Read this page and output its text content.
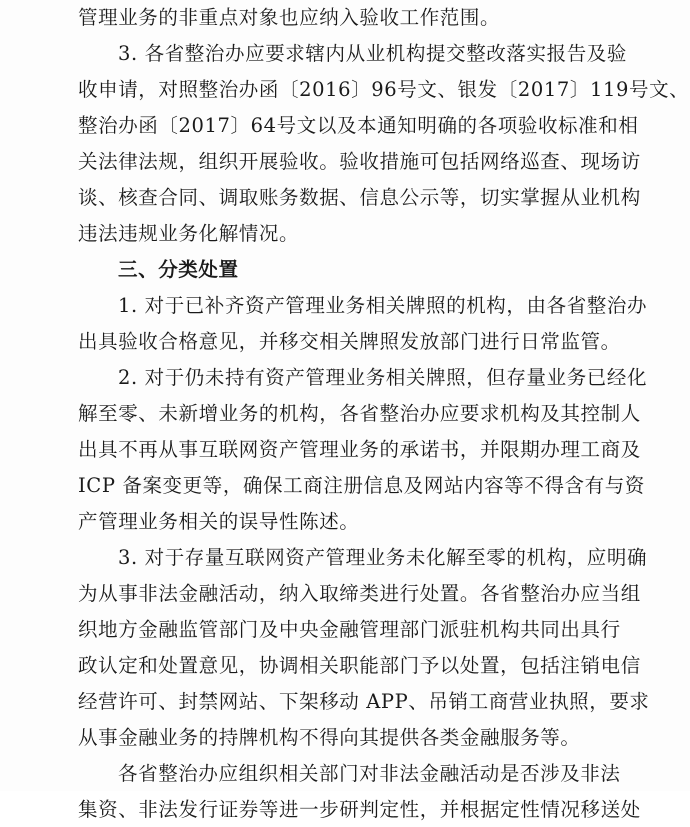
管理业务的非重点对象也应纳入验收工作范围。
3. 各省整治办应要求辖内从业机构提交整改落实报告及验
收申请，对照整治办函〔2016〕96号文、银发〔2017〕119号文、
整治办函〔2017〕64号文以及本通知明确的各项验收标准和相
关法律法规，组织开展验收。验收措施可包括网络巡查、现场访
谈、核查合同、调取账务数据、信息公示等，切实掌握从业机构
违法违规业务化解情况。
三、分类处置
1. 对于已补齐资产管理业务相关牌照的机构，由各省整治办
出具验收合格意见，并移交相关牌照发放部门进行日常监管。
2. 对于仍未持有资产管理业务相关牌照，但存量业务已经化
解至零、未新增业务的机构，各省整治办应要求机构及其控制人
出具不再从事互联网资产管理业务的承诺书，并限期办理工商及
ICP 备案变更等，确保工商注册信息及网站内容等不得含有与资
产管理业务相关的误导性陈述。
3. 对于存量互联网资产管理业务未化解至零的机构，应明确
为从事非法金融活动，纳入取缔类进行处置。各省整治办应当组
织地方金融监管部门及中央金融管理部门派驻机构共同出具行
政认定和处置意见，协调相关职能部门予以处置，包括注销电信
经营许可、封禁网站、下架移动 APP、吊销工商营业执照，要求
从事金融业务的持牌机构不得向其提供各类金融服务等。
各省整治办应组织相关部门对非法金融活动是否涉及非法
集资、非法发行证券等进一步研判定性，并根据定性情况移送处
